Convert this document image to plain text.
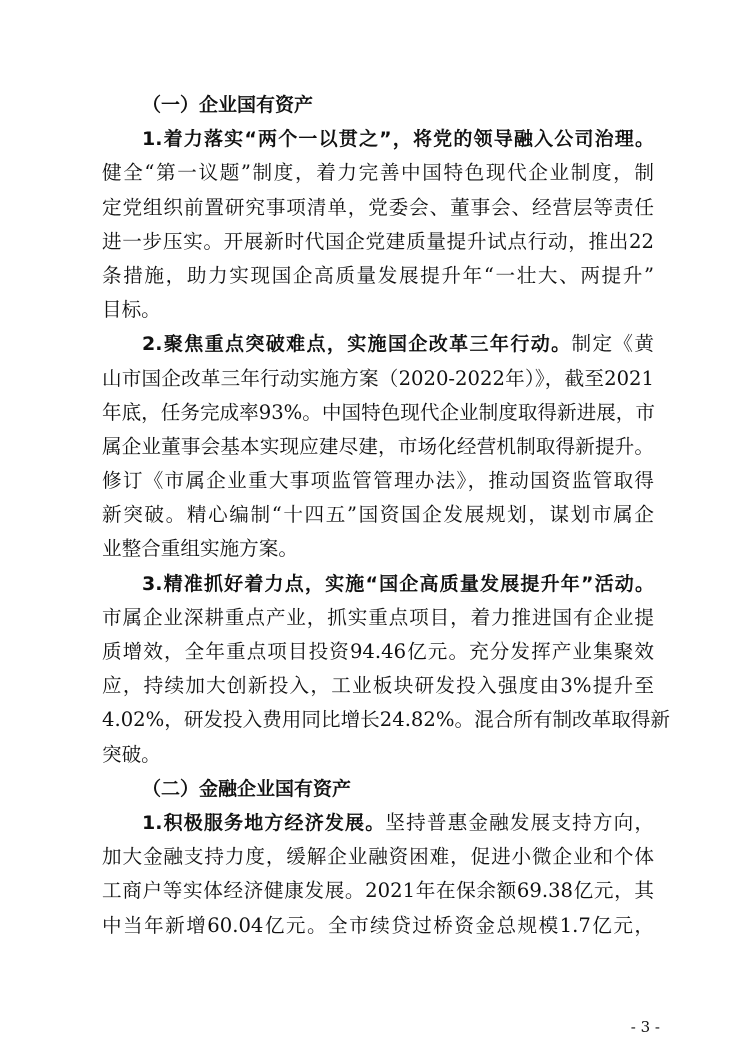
（一）企业国有资产
1.着力落实“两个一以贯之”，将党的领导融入公司治理。
健全“第一议题”制度，着力完善中国特色现代企业制度，制
定党组织前置研究事项清单，党委会、董事会、经营层等责任
进一步压实。开展新时代国企党建质量提升试点行动，推出22
条措施，助力实现国企高质量发展提升年“一壮大、两提升”
目标。
2.聚焦重点突破难点，实施国企改革三年行动。制定《黄
山市国企改革三年行动实施方案（2020-2022年）》，截至2021
年底，任务完成率93%。中国特色现代企业制度取得新进展，市
属企业董事会基本实现应建尽建，市场化经营机制取得新提升。
修订《市属企业重大事项监管管理办法》，推动国资监管取得
新突破。精心编制“十四五”国资国企发展规划，谋划市属企
业整合重组实施方案。
3.精准抓好着力点，实施“国企高质量发展提升年”活动。
市属企业深耕重点产业，抓实重点项目，着力推进国有企业提
质增效，全年重点项目投资94.46亿元。充分发挥产业集聚效
应，持续加大创新投入，工业板块研发投入强度由3%提升至
4.02%，研发投入费用同比增长24.82%。混合所有制改革取得新
突破。
（二）金融企业国有资产
1.积极服务地方经济发展。坚持普惠金融发展支持方向，
加大金融支持力度，缓解企业融资困难，促进小微企业和个体
工商户等实体经济健康发展。2021年在保余额69.38亿元，其
中当年新增60.04亿元。全市续贷过桥资金总规模1.7亿元，
- 3 -
